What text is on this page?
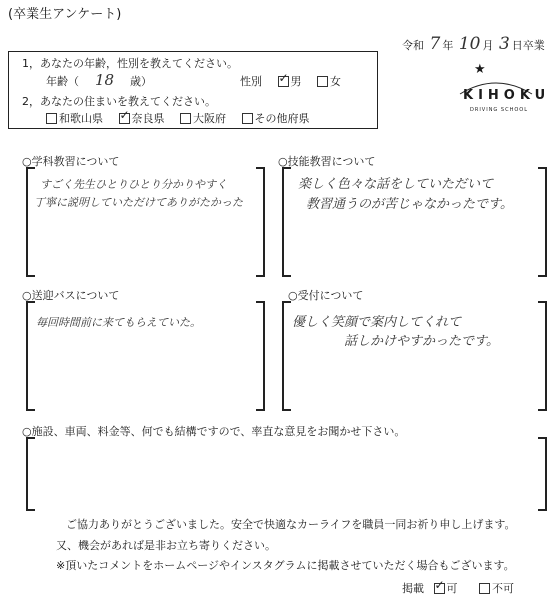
(卒業生アンケート)
令和 7 年 10 月 3 日卒業
1，あなたの年齢，性別を教えてください。
年齢（ 18 歳）	性別 ✓	男	女
2，あなたの住まいを教えてください。
和歌山県 ✓	奈良県	大阪府	その他府県
★
KIHOKU
DRIVING SCHOOL
○学科教習について
すごく先生ひとりひとり分かりやすく
丁寧に説明していただけてありがたかった
○技能教習について
楽しく色々な話をしていただいて
教習通うのが苦じゃなかったです。
○送迎バスについて
毎回時間前に来てもらえていた。
○受付について
優しく笑顔で案内してくれて
話しかけやすかったです。
○施設、車両、料金等、何でも結構ですので、率直な意見をお聞かせ下さい。
ご協力ありがとうございました。安全で快適なカーライフを職員一同お祈り申し上げます。
又、機会があれば是非お立ち寄りください。
※頂いたコメントをホームページやインスタグラムに掲載させていただく場合もございます。
掲載 ✓ 可	不可
